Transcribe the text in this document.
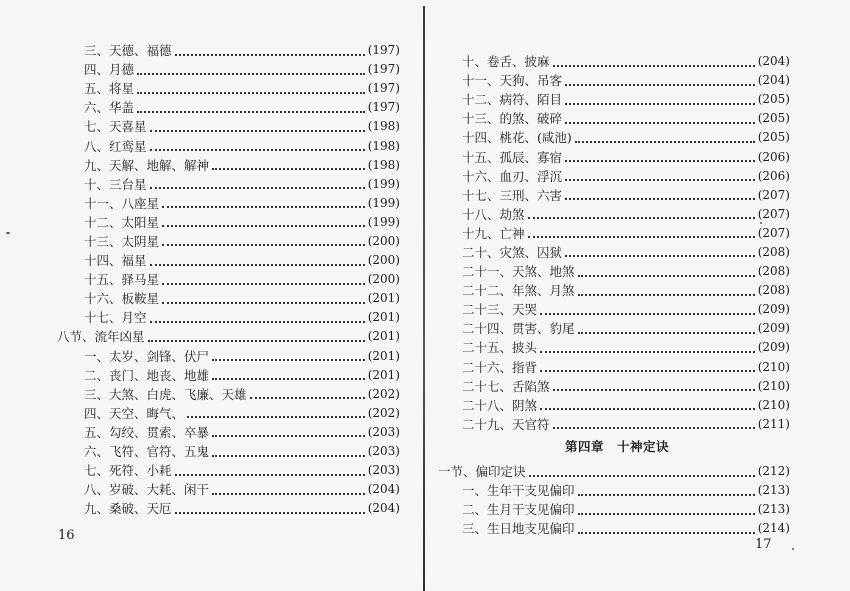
三、天德、福德	(197)
四、月德	(197)
五、将星	(197)
六、华盖	(197)
七、天喜星	(198)
八、红鸾星	(198)
九、天解、地解、解神	(198)
十、三台星	(199)
十一、八座星	(199)
十二、太阳星	(199)
十三、太阴星	(200)
十四、福星	(200)
十五、驿马星	(200)
十六、板鞍星	(201)
十七、月空	(201)
八节、流年凶星	(201)
一、太岁、剑锋、伏尸	(201)
二、丧门、地丧、地雄	(201)
三、大煞、白虎、飞廉、天雄	(202)
四、天空、晦气、	(202)
五、勾绞、贯索、卒暴	(203)
六、飞符、官符、五鬼	(203)
七、死符、小耗	(203)
八、岁破、大耗、闲干	(204)
九、桑破、天厄	(204)
16
十、卷舌、披麻	(204)
十一、天狗、吊客	(204)
十二、病符、陌目	(205)
十三、的煞、破碎	(205)
十四、桃花、(咸池)	(205)
十五、孤辰、寡宿	(206)
十六、血刃、浮沉	(206)
十七、三刑、六害	(207)
十八、劫煞	(207)
十九、亡神	(207)
二十、灾煞、囚狱	(208)
二十一、天煞、地煞	(208)
二十二、年煞、月煞	(208)
二十三、天哭	(209)
二十四、贯害、豹尾	(209)
二十五、披头	(209)
二十六、指背	(210)
二十七、舌陷煞	(210)
二十八、阴煞	(210)
二十九、天官符	(211)
第四章　十神定诀
一节、偏印定诀	(212)
一、生年干支见偏印	(213)
二、生月干支见偏印	(213)
三、生日地支见偏印	(214)
17
